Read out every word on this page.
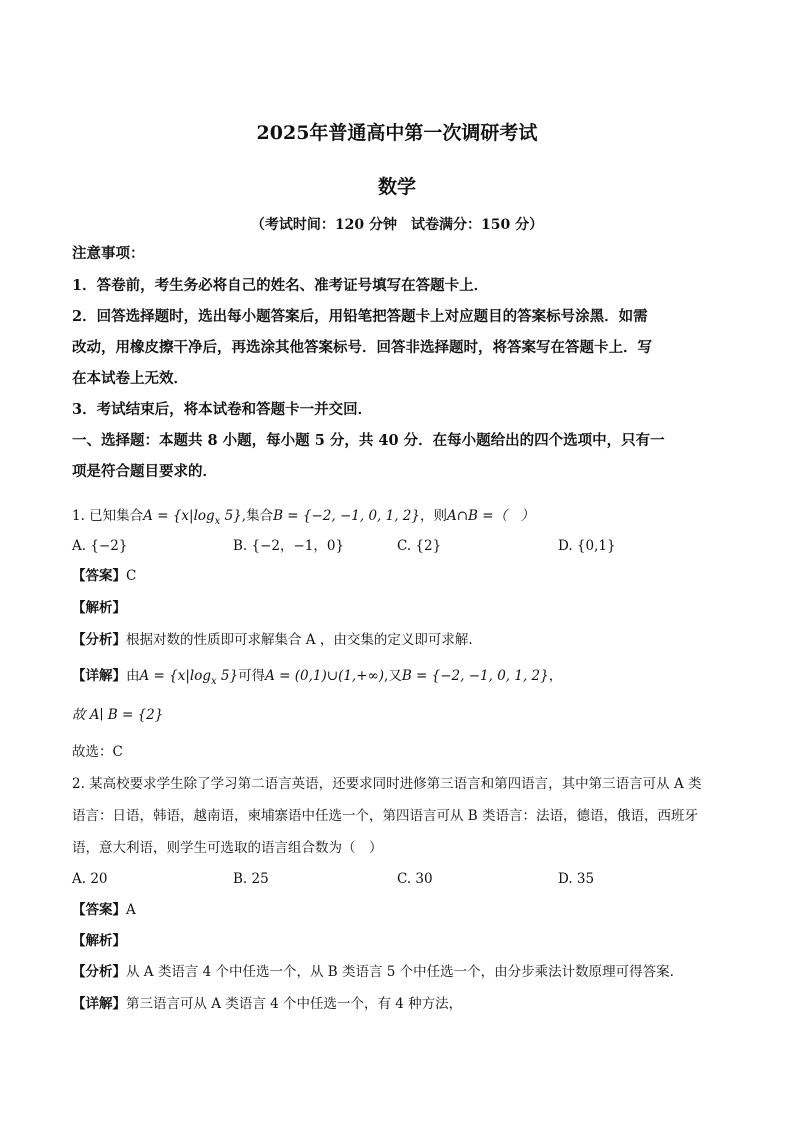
2025年普通高中第一次调研考试
数学
（考试时间：120 分钟　试卷满分：150 分）
注意事项：
1．答卷前，考生务必将自己的姓名、准考证号填写在答题卡上．
2．回答选择题时，选出每小题答案后，用铅笔把答题卡上对应题目的答案标号涂黑．如需
改动，用橡皮擦干净后，再选涂其他答案标号．回答非选择题时，将答案写在答题卡上．写
在本试卷上无效．
3．考试结束后，将本试卷和答题卡一并交回．
一、选择题：本题共 8 小题，每小题 5 分，共 40 分．在每小题给出的四个选项中，只有一
项是符合题目要求的．
1. 已知集合$A = \{x|\log_x$ 5},集合B = {−2, −1, 0, 1, 2}，则A∩B =（　）
A. {−2}	B. {−2，−1，0}	C. {2}	D. {0,1}
【答案】C
【解析】
【分析】根据对数的性质即可求解集合 A ，由交集的定义即可求解.
【详解】由$A = \{x|\log_x$ 5}可得A = (0,1)∪(1,+∞),又B = {−2, −1, 0, 1, 2}，
故 A∣ B = {2}
故选：C
2. 某高校要求学生除了学习第二语言英语，还要求同时进修第三语言和第四语言，其中第三语言可从 A 类
语言：日语，韩语，越南语，柬埔寨语中任选一个，第四语言可从 B 类语言：法语，德语，俄语，西班牙
语，意大利语，则学生可选取的语言组合数为（　）
A. 20	B. 25	C. 30	D. 35
【答案】A
【解析】
【分析】从 A 类语言 4 个中任选一个，从 B 类语言 5 个中任选一个，由分步乘法计数原理可得答案.
【详解】第三语言可从 A 类语言 4 个中任选一个，有 4 种方法，
